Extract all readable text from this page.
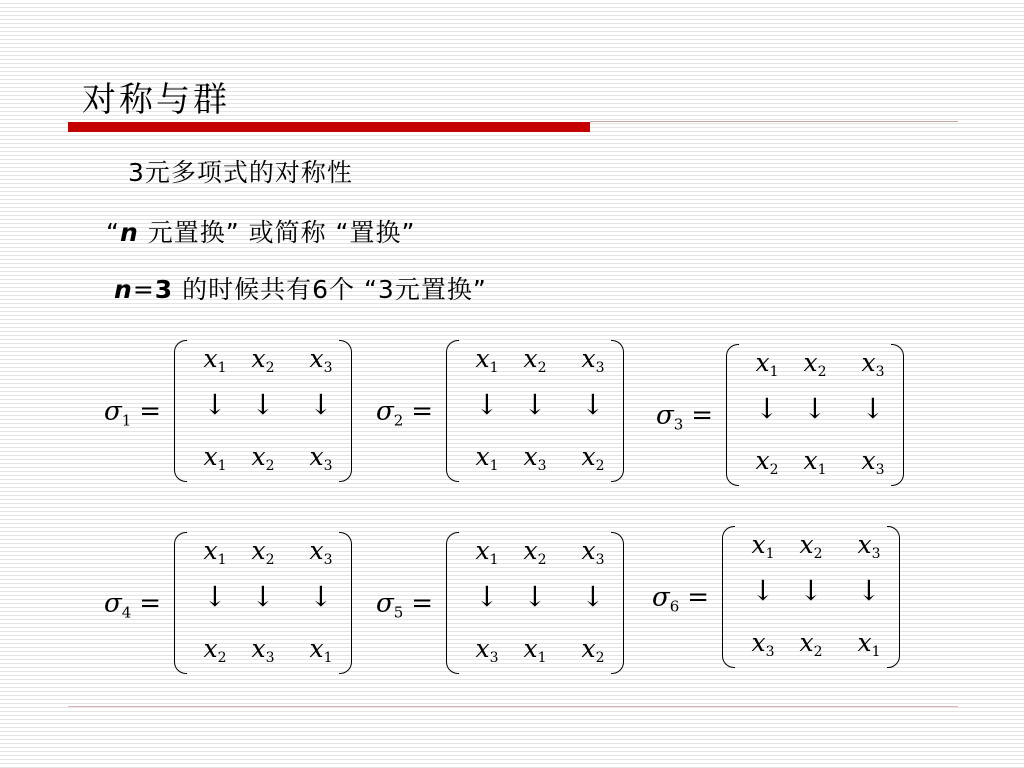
对称与群
3元多项式的对称性
“n 元置换” 或简称 “置换”
n=3 的时候共有6个 “3元置换”
$\sigma_1$ =
$x_1$ $x_2$	$x_3$
↓ ↓	↓
$x_1$ $x_2$	$x_3$
$\sigma_2$ =
$x_1$ $x_2$	$x_3$
↓ ↓	↓
$x_1$ $x_3$	$x_2$
$\sigma_3$ =
$x_1$ $x_2$	$x_3$
↓ ↓	↓
$x_2$ $x_1$	$x_3$
$\sigma_4$ =
$x_1$ $x_2$	$x_3$
↓ ↓	↓
$x_2$ $x_3$	$x_1$
$\sigma_5$ =
$x_1$ $x_2$	$x_3$
↓ ↓	↓
$x_3$ $x_1$	$x_2$
$\sigma_6$ =
$x_1$ $x_2$	$x_3$
↓ ↓	↓
$x_3$ $x_2$	$x_1$
